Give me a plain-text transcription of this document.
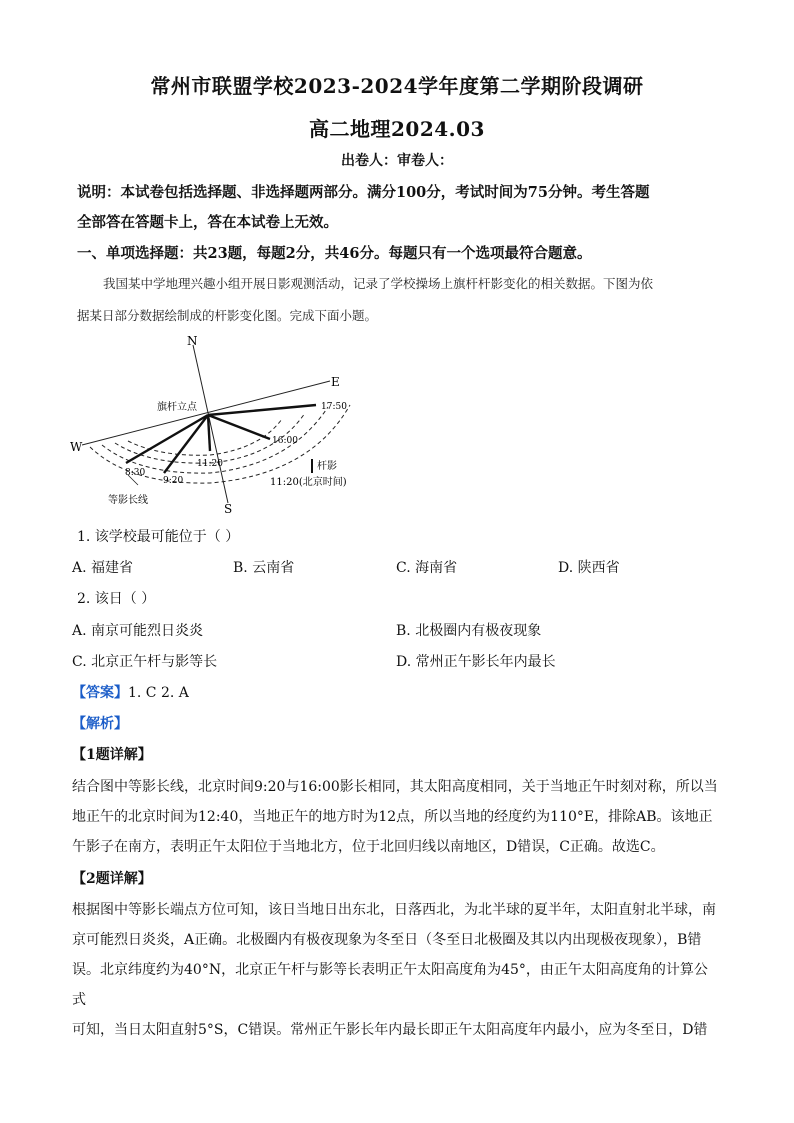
常州市联盟学校2023-2024学年度第二学期阶段调研
高二地理2024.03
出卷人：审卷人：
说明：本试卷包括选择题、非选择题两部分。满分100分，考试时间为75分钟。考生答题
全部答在答题卡上，答在本试卷上无效。
一、单项选择题：共23题，每题2分，共46分。每题只有一个选项最符合题意。
我国某中学地理兴趣小组开展日影观测活动，记录了学校操场上旗杆杆影变化的相关数据。下图为依
据某日部分数据绘制成的杆影变化图。完成下面小题。
N
S
E
W
旗杆立点	17:50
16:00
11:20
9:20
8:30
杆影
11:20(北京时间)
等影长线
1. 该学校最可能位于（ ）
A. 福建省	B. 云南省	C. 海南省	D. 陕西省
2. 该日（ ）
A. 南京可能烈日炎炎	B. 北极圈内有极夜现象
C. 北京正午杆与影等长	D. 常州正午影长年内最长
【答案】1. C 2. A
【解析】
【1题详解】
结合图中等影长线，北京时间9:20与16:00影长相同，其太阳高度相同，关于当地正午时刻对称，所以当
地正午的北京时间为12:40，当地正午的地方时为12点，所以当地的经度约为110°E，排除AB。该地正
午影子在南方，表明正午太阳位于当地北方，位于北回归线以南地区，D错误，C正确。故选C。
【2题详解】
根据图中等影长端点方位可知，该日当地日出东北，日落西北，为北半球的夏半年，太阳直射北半球，南
京可能烈日炎炎，A正确。北极圈内有极夜现象为冬至日（冬至日北极圈及其以内出现极夜现象），B错
误。北京纬度约为40°N，北京正午杆与影等长表明正午太阳高度角为45°，由正午太阳高度角的计算公式
可知，当日太阳直射5°S，C错误。常州正午影长年内最长即正午太阳高度年内最小，应为冬至日，D错
